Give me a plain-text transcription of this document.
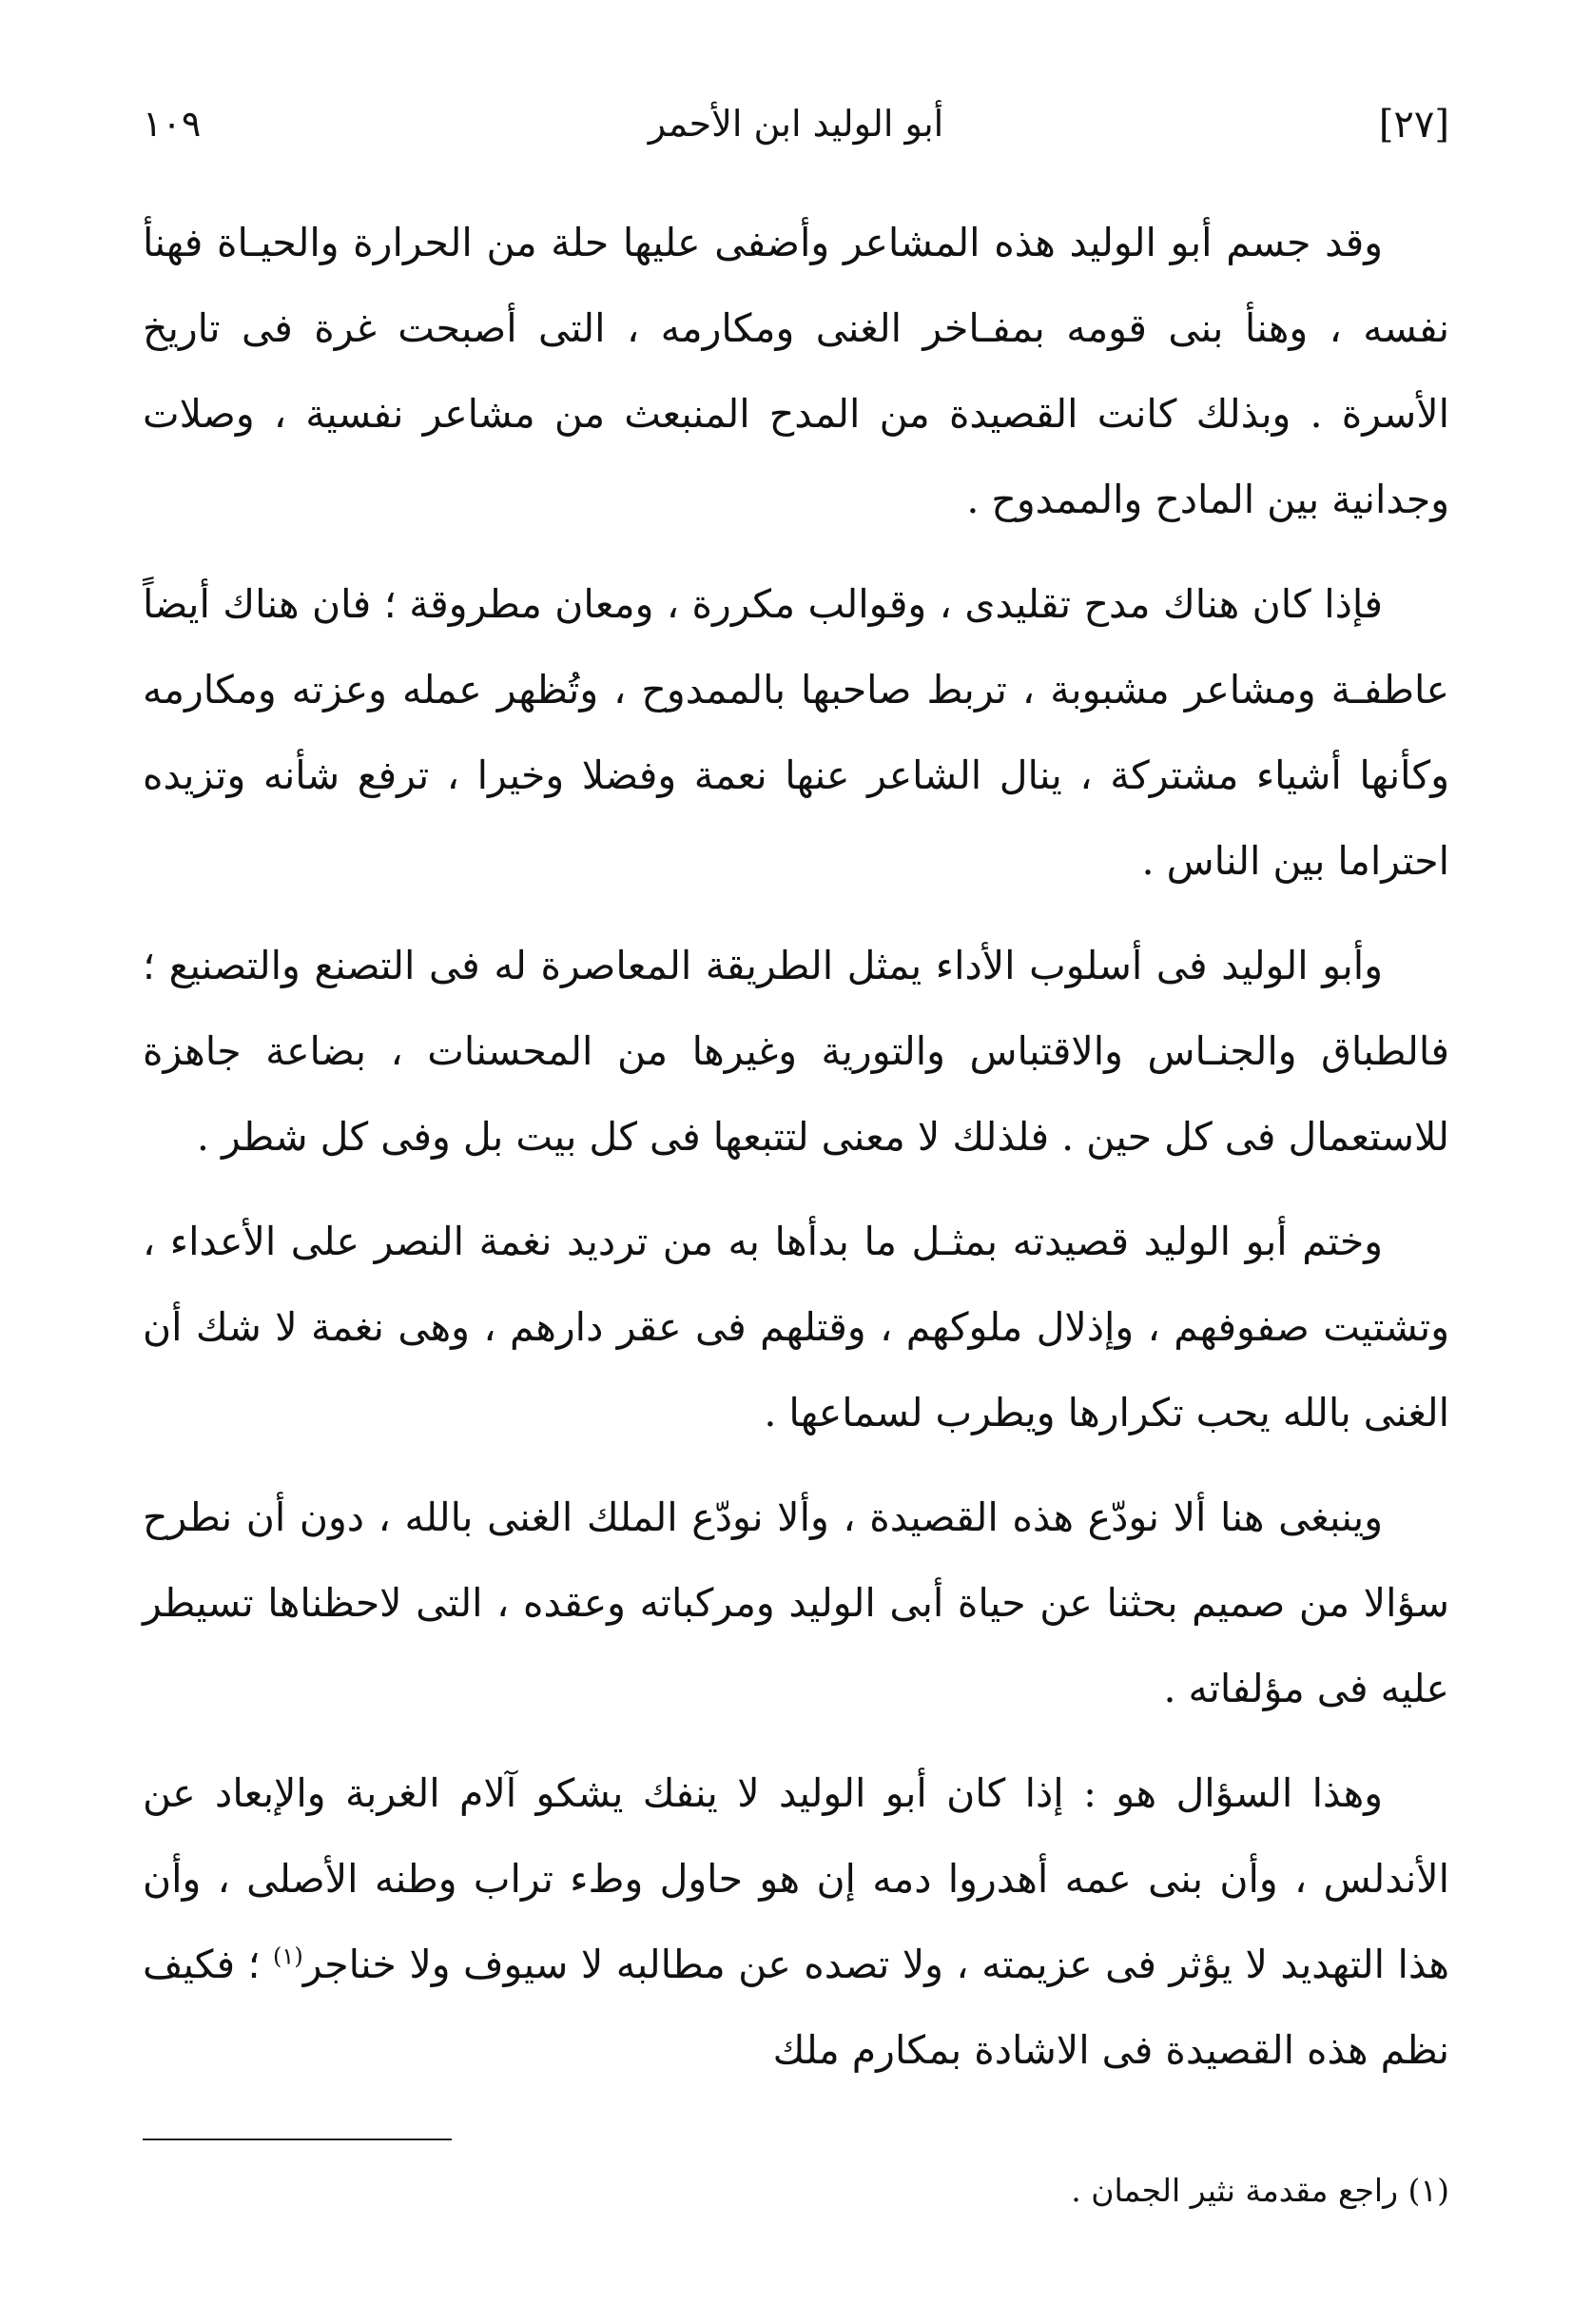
[٢٧]
أبو الوليد ابن الأحمر
١٠٩

وقد جسم أبو الوليد هذه المشاعر وأضفى عليها حلة من الحرارة والحيـاة فهنأ نفسه ، وهنأ بنى قومه بمفـاخر الغنى ومكارمه ، التى أصبحت غرة فى تاريخ الأسرة . وبذلك كانت القصيدة من المدح المنبعث من مشاعر نفسية ، وصلات وجدانية بين المادح والممدوح .

فإذا كان هناك مدح تقليدى ، وقوالب مكررة ، ومعان مطروقة ؛ فان هناك أيضاً عاطفـة ومشاعر مشبوبة ، تربط صاحبها بالممدوح ، وتُظهر عمله وعزته ومكارمه وكأنها أشياء مشتركة ، ينال الشاعر عنها نعمة وفضلا وخيرا ، ترفع شأنه وتزيده احتراما بين الناس .

وأبو الوليد فى أسلوب الأداء يمثل الطريقة المعاصرة له فى التصنع والتصنيع ؛ فالطباق والجنـاس والاقتباس والتورية وغيرها من المحسنات ، بضاعة جاهزة للاستعمال فى كل حين . فلذلك لا معنى لتتبعها فى كل بيت بل وفى كل شطر .

وختم أبو الوليد قصيدته بمثـل ما بدأها به من ترديد نغمة النصر على الأعداء ، وتشتيت صفوفهم ، وإذلال ملوكهم ، وقتلهم فى عقر دارهم ، وهى نغمة لا شك أن الغنى بالله يحب تكرارها ويطرب لسماعها .

وينبغى هنا ألا نودّع هذه القصيدة ، وألا نودّع الملك الغنى بالله ، دون أن نطرح سؤالا من صميم بحثنا عن حياة أبى الوليد ومركباته وعقده ، التى لاحظناها تسيطر عليه فى مؤلفاته .

وهذا السؤال هو : إذا كان أبو الوليد لا ينفك يشكو آلام الغربة والإبعاد عن الأندلس ، وأن بنى عمه أهدروا دمه إن هو حاول وطء تراب وطنه الأصلى ، وأن هذا التهديد لا يؤثر فى عزيمته ، ولا تصده عن مطالبه لا سيوف ولا خناجر$^{(١)}$ ؛ فكيف نظم هذه القصيدة فى الاشادة بمكارم ملك

(١) راجع مقدمة نثير الجمان .
